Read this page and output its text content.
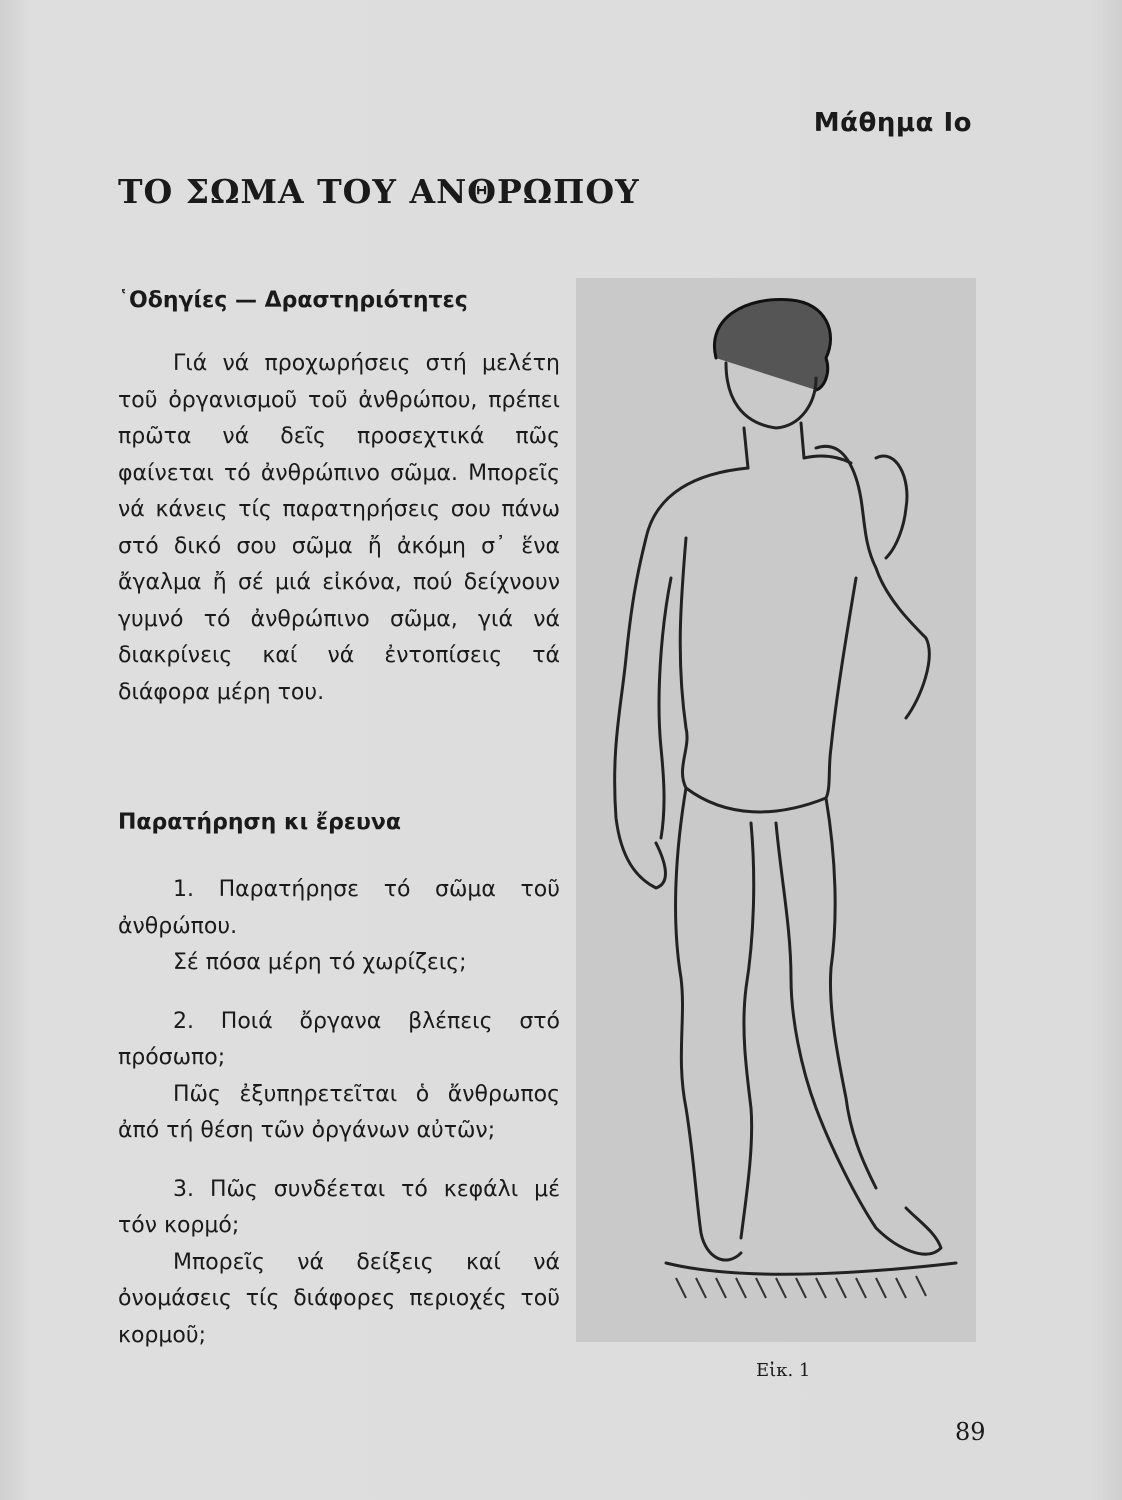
Μάθημα Ιο
ΤΟ ΣΩΜΑ ΤΟΥ ΑΝΘΡΩΠΟΥ
῾Οδηγίες — Δραστηριότητες

Γιά νά προχωρήσεις στή μελέτη τοῦ ὀργανισμοῦ τοῦ ἀνθρώπου, πρέπει πρῶτα νά δεῖς προσεχτικά πῶς φαίνεται τό ἀνθρώπινο σῶμα. Μπορεῖς νά κάνεις τίς παρατηρήσεις σου πάνω στό δικό σου σῶμα ἤ ἀκόμη σ᾿ ἕνα ἄγαλμα ἤ σέ μιά εἰκόνα, πού δείχνουν γυμνό τό ἀνθρώπινο σῶμα, γιά νά διακρίνεις καί νά ἐντοπίσεις τά διάφορα μέρη του.

Παρατήρηση κι ἔρευνα

1. Παρατήρησε τό σῶμα τοῦ ἀνθρώπου.

Σέ πόσα μέρη τό χωρίζεις;

2. Ποιά ὄργανα βλέπεις στό πρόσωπο;

Πῶς ἐξυπηρετεῖται ὁ ἄνθρωπος ἀπό τή θέση τῶν ὀργάνων αὐτῶν;

3. Πῶς συνδέεται τό κεφάλι μέ τόν κορμό;

Μπορεῖς νά δείξεις καί νά ὀνομάσεις τίς διάφορες περιοχές τοῦ κορμοῦ;

Εἰκ. 1
89
